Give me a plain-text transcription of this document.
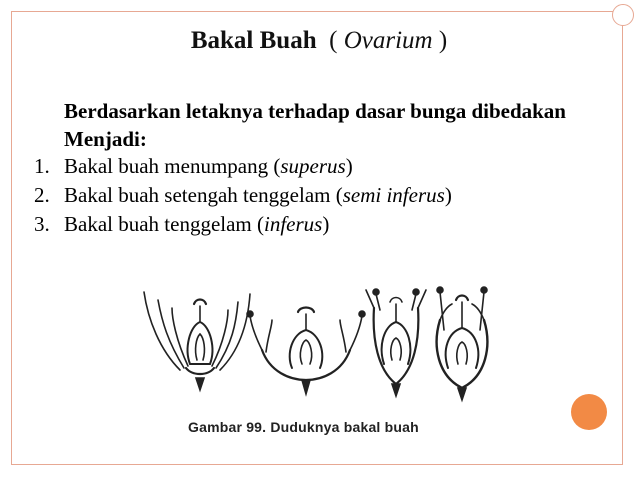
Bakal Buah  ( Ovarium )
Berdasarkan letaknya terhadap dasar bunga dibedakan Menjadi:
1. Bakal buah menumpang (superus)
2. Bakal buah setengah tenggelam (semi inferus)
3. Bakal buah tenggelam (inferus)
Gambar 99. Duduknya bakal buah
